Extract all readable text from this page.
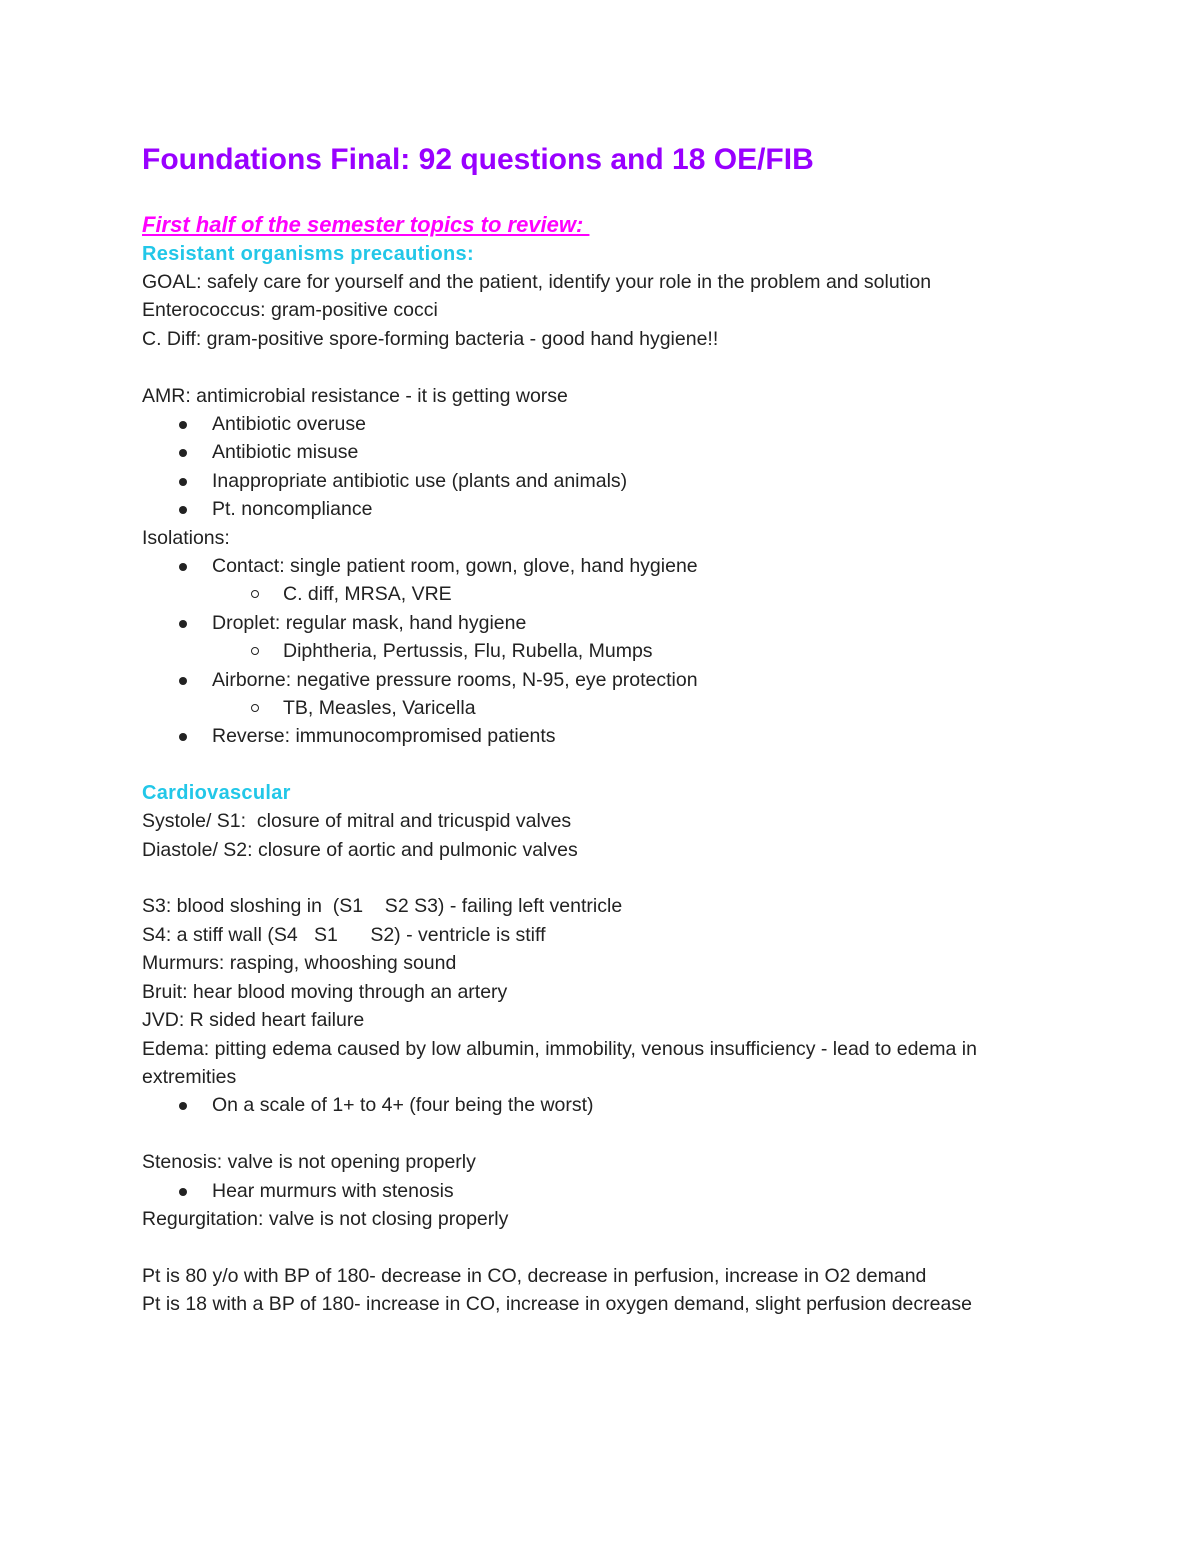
Foundations Final: 92 questions and 18 OE/FIB
First half of the semester topics to review:
Resistant organisms precautions:
GOAL: safely care for yourself and the patient, identify your role in the problem and solution
Enterococcus: gram-positive cocci
C. Diff: gram-positive spore-forming bacteria - good hand hygiene!!
AMR: antimicrobial resistance - it is getting worse
Antibiotic overuse
Antibiotic misuse
Inappropriate antibiotic use (plants and animals)
Pt. noncompliance
Isolations:
Contact: single patient room, gown, glove, hand hygiene
C. diff, MRSA, VRE
Droplet: regular mask, hand hygiene
Diphtheria, Pertussis, Flu, Rubella, Mumps
Airborne: negative pressure rooms, N-95, eye protection
TB, Measles, Varicella
Reverse: immunocompromised patients
Cardiovascular
Systole/ S1:  closure of mitral and tricuspid valves
Diastole/ S2: closure of aortic and pulmonic valves
S3: blood sloshing in  (S1    S2 S3) - failing left ventricle
S4: a stiff wall (S4   S1      S2) - ventricle is stiff
Murmurs: rasping, whooshing sound
Bruit: hear blood moving through an artery
JVD: R sided heart failure
Edema: pitting edema caused by low albumin, immobility, venous insufficiency - lead to edema in extremities
On a scale of 1+ to 4+ (four being the worst)
Stenosis: valve is not opening properly
Hear murmurs with stenosis
Regurgitation: valve is not closing properly
Pt is 80 y/o with BP of 180- decrease in CO, decrease in perfusion, increase in O2 demand
Pt is 18 with a BP of 180- increase in CO, increase in oxygen demand, slight perfusion decrease
